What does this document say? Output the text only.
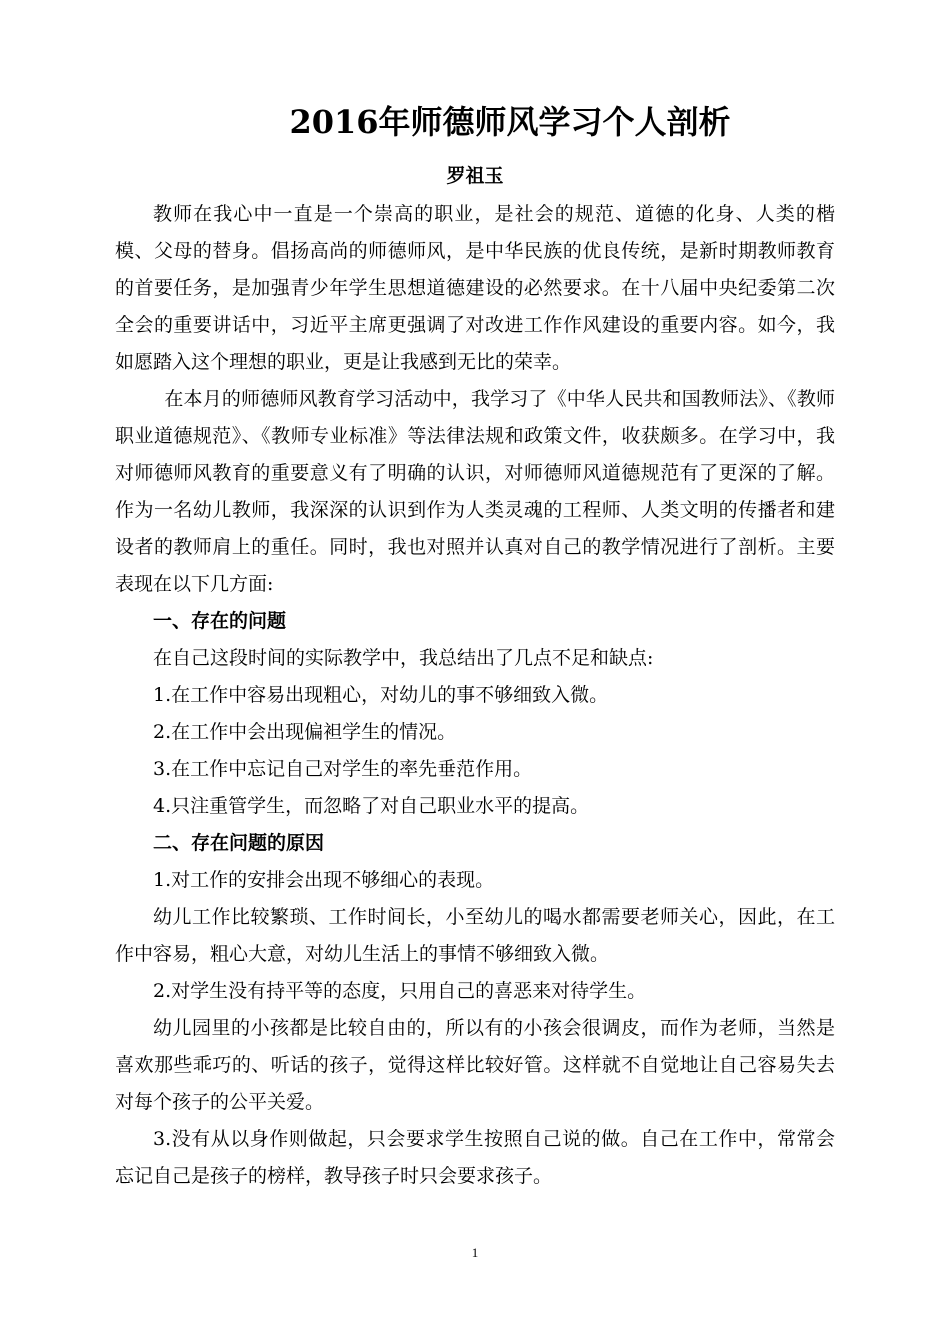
2016年师德师风学习个人剖析
罗祖玉

教师在我心中一直是一个崇高的职业，是社会的规范、道德的化身、人类的楷模、父母的替身。倡扬高尚的师德师风，是中华民族的优良传统，是新时期教师教育的首要任务，是加强青少年学生思想道德建设的必然要求。在十八届中央纪委第二次全会的重要讲话中，习近平主席更强调了对改进工作作风建设的重要内容。如今，我如愿踏入这个理想的职业，更是让我感到无比的荣幸。

在本月的师德师风教育学习活动中，我学习了《中华人民共和国教师法》、《教师职业道德规范》、《教师专业标准》等法律法规和政策文件，收获颇多。在学习中，我对师德师风教育的重要意义有了明确的认识，对师德师风道德规范有了更深的了解。作为一名幼儿教师，我深深的认识到作为人类灵魂的工程师、人类文明的传播者和建设者的教师肩上的重任。同时，我也对照并认真对自己的教学情况进行了剖析。主要表现在以下几方面:

一、存在的问题

在自己这段时间的实际教学中，我总结出了几点不足和缺点:

1.在工作中容易出现粗心，对幼儿的事不够细致入微。

2.在工作中会出现偏袒学生的情况。

3.在工作中忘记自己对学生的率先垂范作用。

4.只注重管学生，而忽略了对自己职业水平的提高。

二、存在问题的原因

1.对工作的安排会出现不够细心的表现。

幼儿工作比较繁琐、工作时间长，小至幼儿的喝水都需要老师关心，因此，在工作中容易，粗心大意，对幼儿生活上的事情不够细致入微。

2.对学生没有持平等的态度，只用自己的喜恶来对待学生。

幼儿园里的小孩都是比较自由的，所以有的小孩会很调皮，而作为老师，当然是喜欢那些乖巧的、听话的孩子，觉得这样比较好管。这样就不自觉地让自己容易失去对每个孩子的公平关爱。

3.没有从以身作则做起，只会要求学生按照自己说的做。自己在工作中，常常会忘记自己是孩子的榜样，教导孩子时只会要求孩子。

1
